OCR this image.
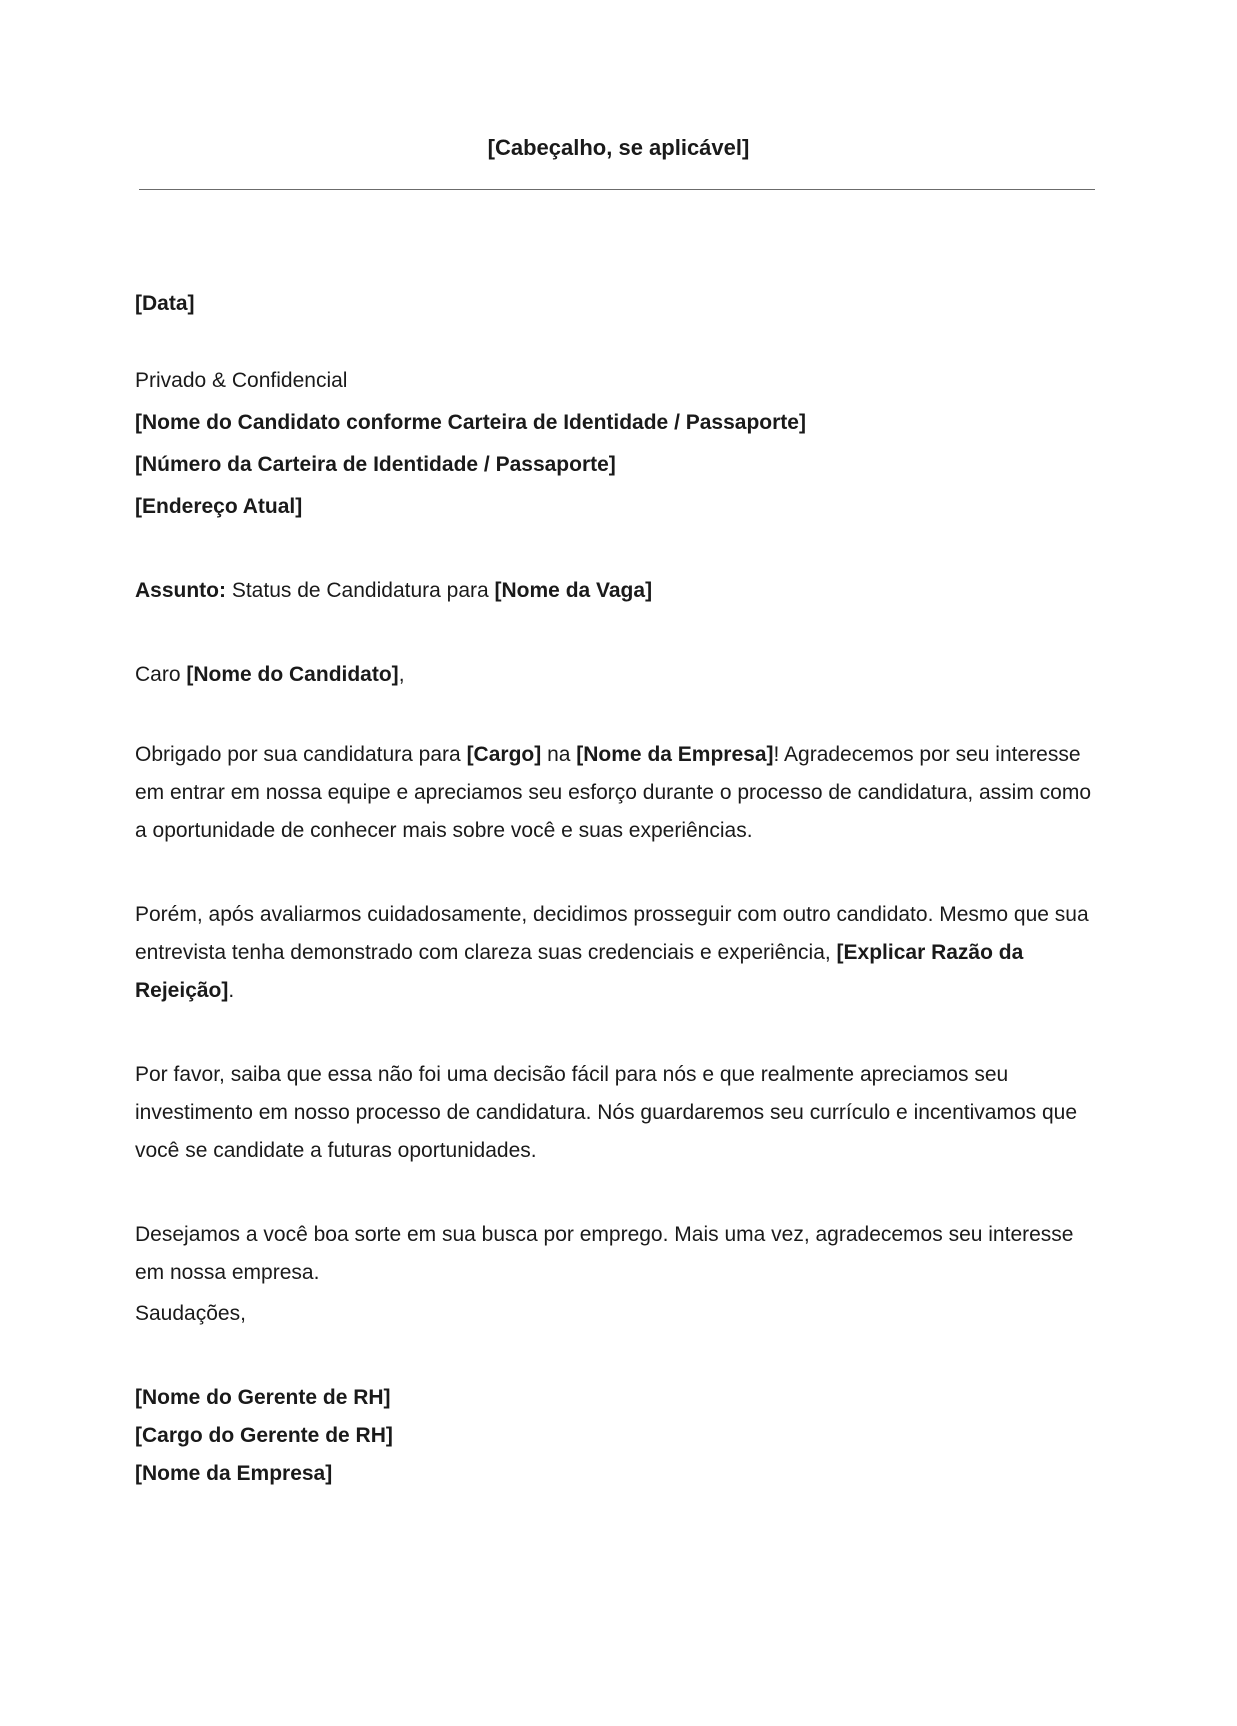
[Cabeçalho, se aplicável]
[Data]
Privado & Confidencial
[Nome do Candidato conforme Carteira de Identidade / Passaporte]
[Número da Carteira de Identidade / Passaporte]
[Endereço Atual]
Assunto: Status de Candidatura para [Nome da Vaga]
Caro [Nome do Candidato],
Obrigado por sua candidatura para [Cargo] na [Nome da Empresa]! Agradecemos por seu interesse em entrar em nossa equipe e apreciamos seu esforço durante o processo de candidatura, assim como a oportunidade de conhecer mais sobre você e suas experiências.
Porém, após avaliarmos cuidadosamente, decidimos prosseguir com outro candidato. Mesmo que sua entrevista tenha demonstrado com clareza suas credenciais e experiência, [Explicar Razão da Rejeição].
Por favor, saiba que essa não foi uma decisão fácil para nós e que realmente apreciamos seu investimento em nosso processo de candidatura. Nós guardaremos seu currículo e incentivamos que você se candidate a futuras oportunidades.
Desejamos a você boa sorte em sua busca por emprego. Mais uma vez, agradecemos seu interesse em nossa empresa.
Saudações,
[Nome do Gerente de RH]
[Cargo do Gerente de RH]
[Nome da Empresa]
